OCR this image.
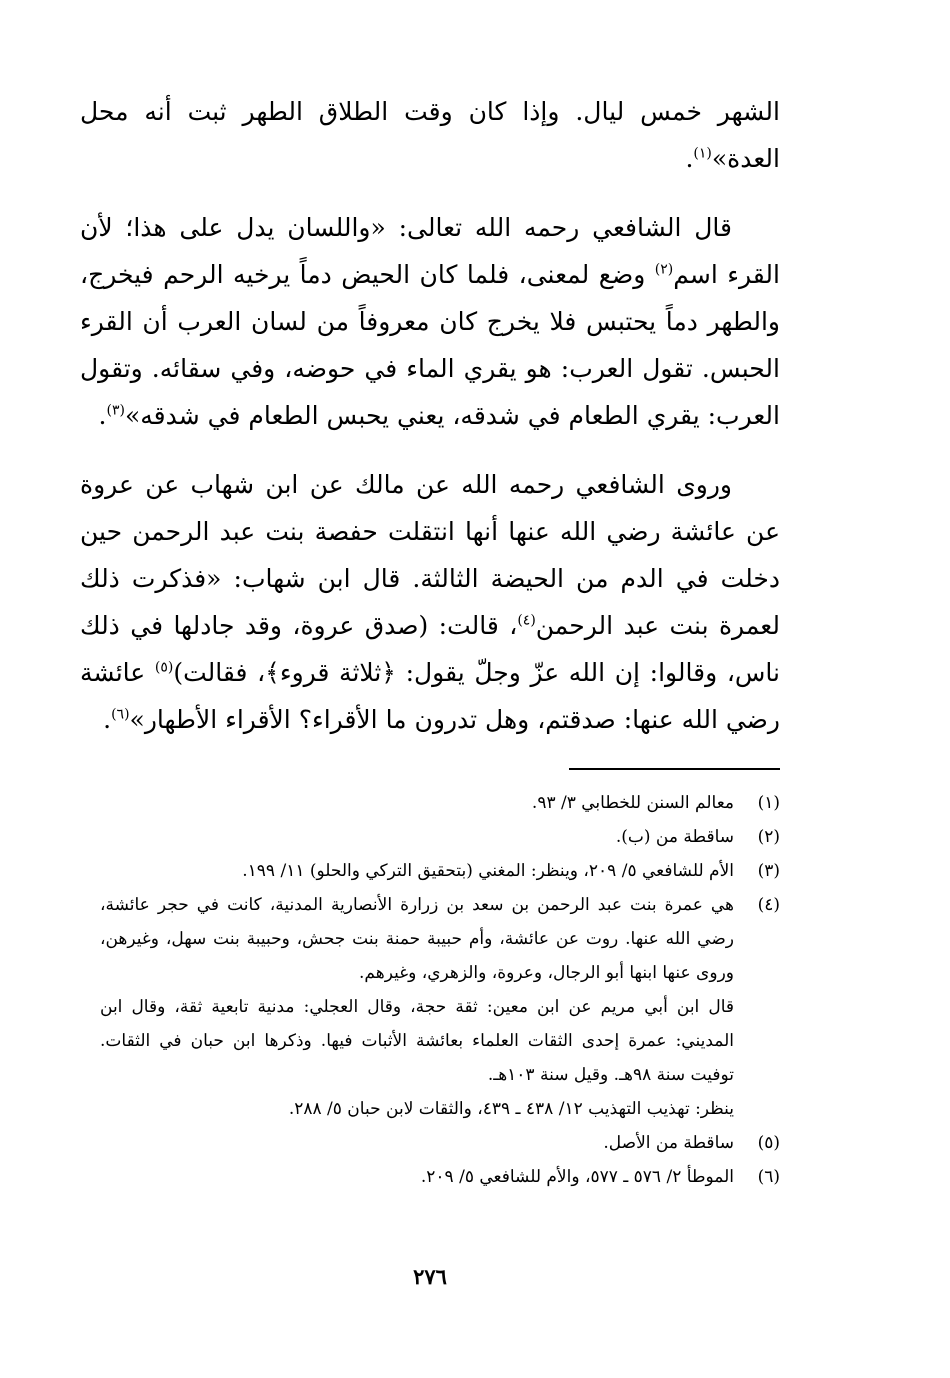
الشهر خمس ليال. وإذا كان وقت الطلاق الطهر ثبت أنه محل العدة»$^{(١)}$.

قال الشافعي رحمه الله تعالى: «واللسان يدل على هذا؛ لأن القرء اسم$^{(٢)}$ وضع لمعنى، فلما كان الحيض دماً يرخيه الرحم فيخرج، والطهر دماً يحتبس فلا يخرج كان معروفاً من لسان العرب أن القرء الحبس. تقول العرب: هو يقري الماء في حوضه، وفي سقائه. وتقول العرب: يقري الطعام في شدقه، يعني يحبس الطعام في شدقه»$^{(٣)}$.

وروى الشافعي رحمه الله عن مالك عن ابن شهاب عن عروة عن عائشة رضي الله عنها أنها انتقلت حفصة بنت عبد الرحمن حين دخلت في الدم من الحيضة الثالثة. قال ابن شهاب: «فذكرت ذلك لعمرة بنت عبد الرحمن$^{(٤)}$، قالت: (صدق عروة، وقد جادلها في ذلك ناس، وقالوا: إن الله عزّ وجلّ يقول: ﴿ثلاثة قروء﴾، فقالت)$^{(٥)}$ عائشة رضي الله عنها: صدقتم، وهل تدرون ما الأقراء؟ الأقراء الأطهار»$^{(٦)}$.

(١)

معالم السنن للخطابي ٣/ ٩٣.

(٢)

ساقطة من (ب).

(٣)

الأم للشافعي ٥/ ٢٠٩، وينظر: المغني (بتحقيق التركي والحلو) ١١/ ١٩٩.

(٤)

هي عمرة بنت عبد الرحمن بن سعد بن زرارة الأنصارية المدنية، كانت في حجر عائشة، رضي الله عنها. روت عن عائشة، وأم حبيبة حمنة بنت جحش، وحبيبة بنت سهل، وغيرهن، وروى عنها ابنها أبو الرجال، وعروة، والزهري، وغيرهم.

قال ابن أبي مريم عن ابن معين: ثقة حجة، وقال العجلي: مدنية تابعية ثقة، وقال ابن المديني: عمرة إحدى الثقات العلماء بعائشة الأثبات فيها. وذكرها ابن حبان في الثقات. توفيت سنة ٩٨هـ. وقيل سنة ١٠٣هـ.

ينظر: تهذيب التهذيب ١٢/ ٤٣٨ ـ ٤٣٩، والثقات لابن حبان ٥/ ٢٨٨.

(٥)

ساقطة من الأصل.

(٦)

الموطأ ٢/ ٥٧٦ ـ ٥٧٧، والأم للشافعي ٥/ ٢٠٩.

٢٧٦
